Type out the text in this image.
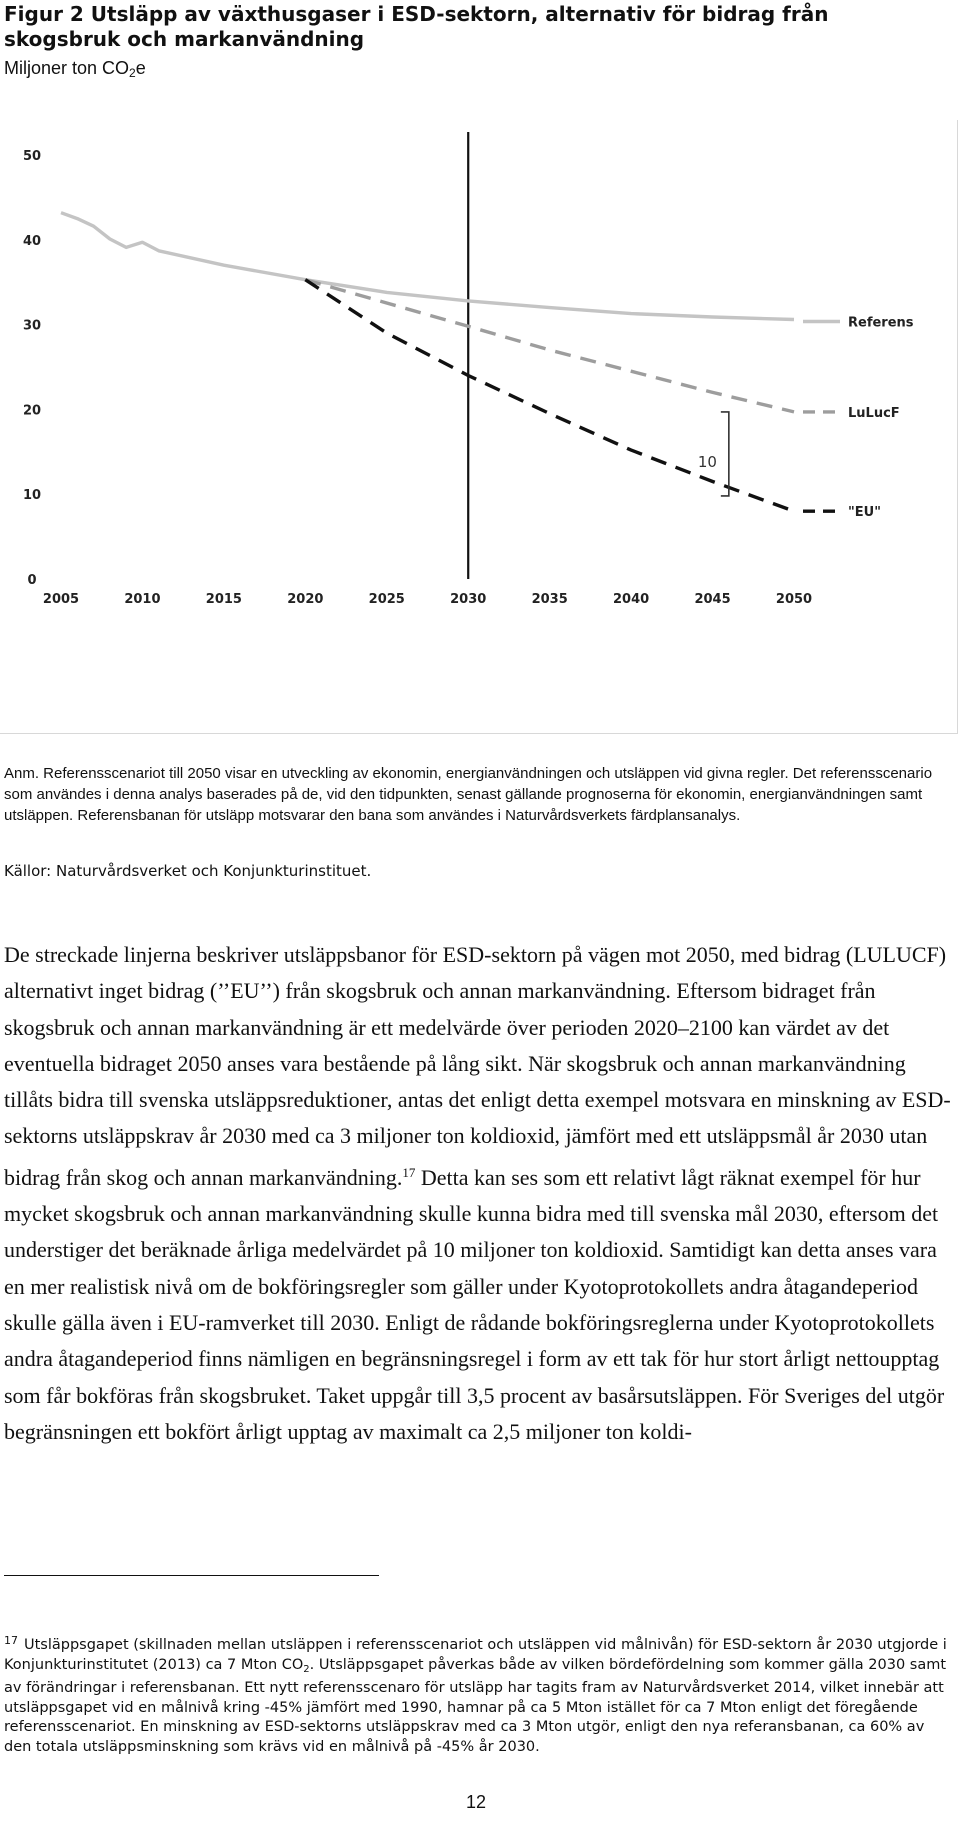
Figur 2 Utsläpp av växthusgaser i ESD-sektorn, alternativ för bidrag från skogsbruk och markanvändning
Miljoner ton $CO_2e$
0
10
20
30
40
50
2005	2010	2015	2020	2025	2030	2035	2040	2045	2050
10
Referens
LuLucF
"EU"

Anm. Referensscenariot till 2050 visar en utveckling av ekonomin, energianvändningen och utsläppen vid givna regler. Det referensscenario som användes i denna analys baserades på de, vid den tidpunkten, senast gällande prognoserna för ekonomin, energianvändningen samt utsläppen. Referensbanan för utsläpp motsvarar den bana som användes i Naturvårdsverkets färdplansanalys.

Källor: Naturvårdsverket och Konjunkturinstituet.

De streckade linjerna beskriver utsläppsbanor för ESD-sektorn på vägen mot 2050, med bidrag (LULUCF) alternativt inget bidrag (’’EU’’) från skogsbruk och annan markanvändning. Eftersom bidraget från skogsbruk och annan markanvändning är ett medelvärde över perioden 2020–2100 kan värdet av det eventuella bidraget 2050 anses vara bestående på lång sikt. När skogsbruk och annan markanvändning tillåts bidra till svenska utsläppsreduktioner, antas det enligt detta exempel motsvara en minskning av ESD-sektorns utsläppskrav år 2030 med ca 3 miljoner ton koldioxid, jämfört med ett utsläppsmål år 2030 utan bidrag från skog och annan markanvändning.$^{17}$ Detta kan ses som ett relativt lågt räknat exempel för hur mycket skogsbruk och annan markanvändning skulle kunna bidra med till svenska mål 2030, eftersom det understiger det beräknade årliga medelvärdet på 10 miljoner ton koldioxid. Samtidigt kan detta anses vara en mer realistisk nivå om de bokföringsregler som gäller under Kyotoprotokollets andra åtagandeperiod skulle gälla även i EU-ramverket till 2030. Enligt de rådande bokföringsreglerna under Kyotoprotokollets andra åtagandeperiod finns nämligen en begränsningsregel i form av ett tak för hur stort årligt nettoupptag som får bokföras från skogsbruket. Taket uppgår till 3,5 procent av basårsutsläppen. För Sveriges del utgör begränsningen ett bokfört årligt upptag av maximalt ca 2,5 miljoner ton koldi-

$^{17}$ Utsläppsgapet (skillnaden mellan utsläppen i referensscenariot och utsläppen vid målnivån) för ESD-sektorn år 2030 utgjorde i Konjunkturinstitutet (2013) ca 7 Mton $CO_2$. Utsläppsgapet påverkas både av vilken bördefördelning som kommer gälla 2030 samt av förändringar i referensbanan. Ett nytt referensscenaro för utsläpp har tagits fram av Naturvårdsverket 2014, vilket innebär att utsläppsgapet vid en målnivå kring -45% jämfört med 1990, hamnar på ca 5 Mton istället för ca 7 Mton enligt det föregående referensscenariot. En minskning av ESD-sektorns utsläppskrav med ca 3 Mton utgör, enligt den nya referansbanan, ca 60% av den totala utsläppsminskning som krävs vid en målnivå på -45% år 2030.

12
